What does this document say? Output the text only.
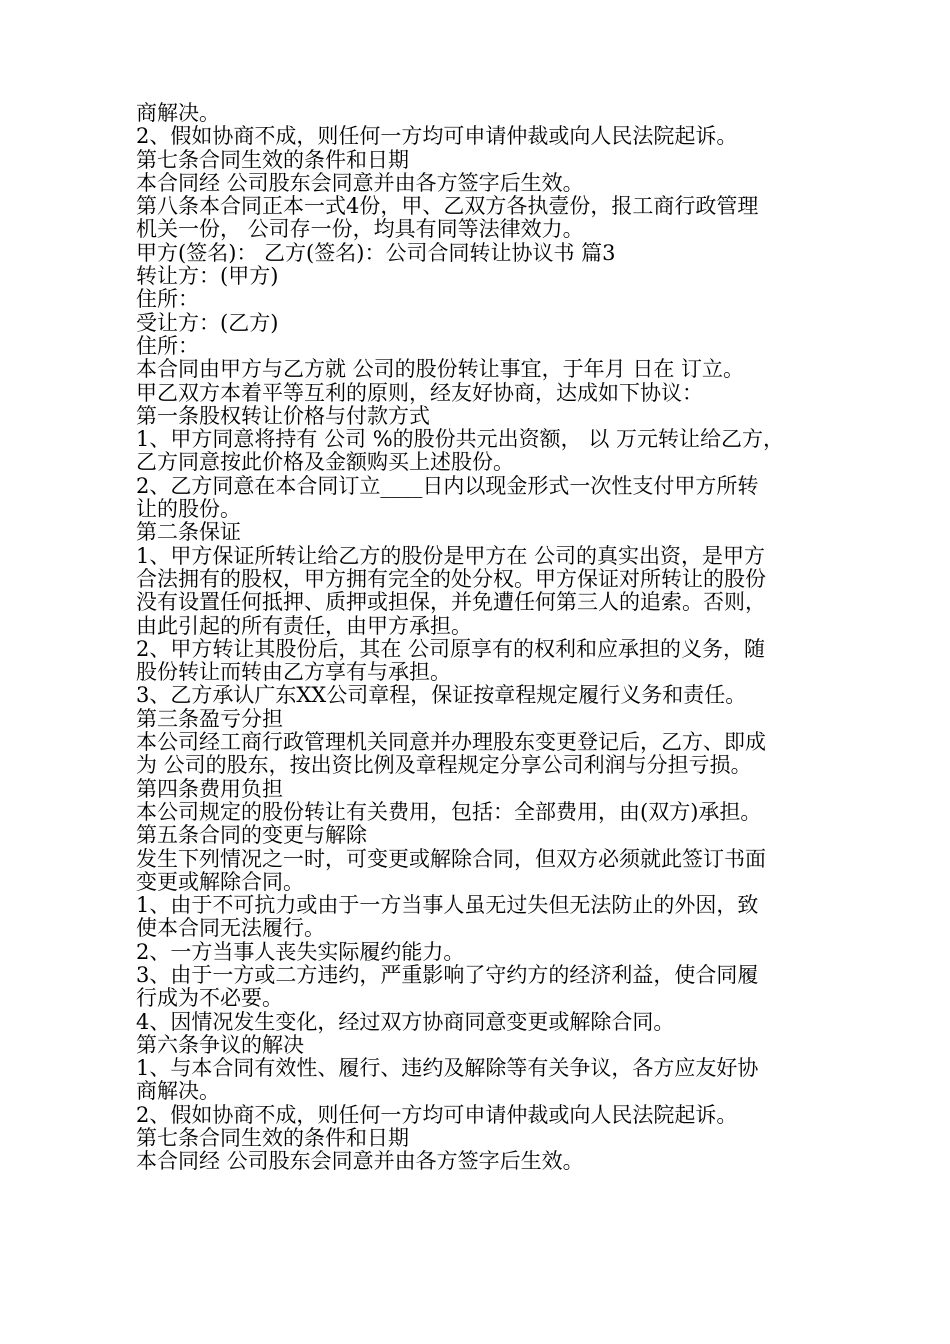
商解决。
2、假如协商不成，则任何一方均可申请仲裁或向人民法院起诉。
第七条合同生效的条件和日期
本合同经 公司股东会同意并由各方签字后生效。
第八条本合同正本一式4份，甲、乙双方各执壹份，报工商行政管理
机关一份， 公司存一份，均具有同等法律效力。
甲方(签名)： 乙方(签名)：公司合同转让协议书 篇3
转让方：(甲方)
住所：
受让方：(乙方)
住所：
本合同由甲方与乙方就 公司的股份转让事宜，于年月 日在 订立。
甲乙双方本着平等互利的原则，经友好协商，达成如下协议：
第一条股权转让价格与付款方式
1、甲方同意将持有 公司 %的股份共元出资额， 以 万元转让给乙方，
乙方同意按此价格及金额购买上述股份。
2、乙方同意在本合同订立____日内以现金形式一次性支付甲方所转
让的股份。
第二条保证
1、甲方保证所转让给乙方的股份是甲方在 公司的真实出资，是甲方
合法拥有的股权，甲方拥有完全的处分权。甲方保证对所转让的股份
没有设置任何抵押、质押或担保，并免遭任何第三人的追索。否则，
由此引起的所有责任，由甲方承担。
2、甲方转让其股份后，其在 公司原享有的权利和应承担的义务，随
股份转让而转由乙方享有与承担。
3、乙方承认广东XX公司章程，保证按章程规定履行义务和责任。
第三条盈亏分担
本公司经工商行政管理机关同意并办理股东变更登记后，乙方、即成
为 公司的股东，按出资比例及章程规定分享公司利润与分担亏损。
第四条费用负担
本公司规定的股份转让有关费用，包括：全部费用，由(双方)承担。
第五条合同的变更与解除
发生下列情况之一时，可变更或解除合同，但双方必须就此签订书面
变更或解除合同。
1、由于不可抗力或由于一方当事人虽无过失但无法防止的外因，致
使本合同无法履行。
2、一方当事人丧失实际履约能力。
3、由于一方或二方违约，严重影响了守约方的经济利益，使合同履
行成为不必要。
4、因情况发生变化，经过双方协商同意变更或解除合同。
第六条争议的解决
1、与本合同有效性、履行、违约及解除等有关争议，各方应友好协
商解决。
2、假如协商不成，则任何一方均可申请仲裁或向人民法院起诉。
第七条合同生效的条件和日期
本合同经 公司股东会同意并由各方签字后生效。
